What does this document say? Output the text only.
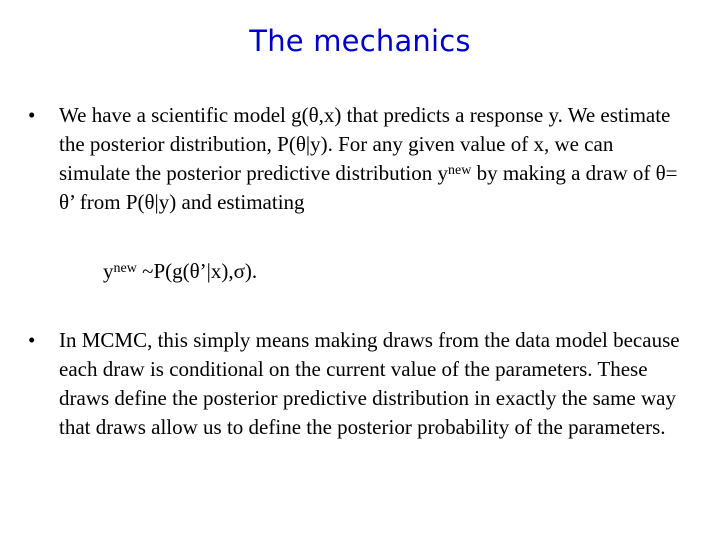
The mechanics
•	We have a scientific model g(θ,x) that predicts a response y. We estimate the posterior distribution, P(θ|y). For any given value of x, we can simulate the posterior predictive distribution $y^{new}$ by making a draw of θ= θ’ from P(θ|y) and estimating
$y^{new}$ ~P(g(θ’|x),σ).
•	In MCMC, this simply means making draws from the data model because each draw is conditional on the current value of the parameters. These draws define the posterior predictive distribution in exactly the same way that draws allow us to define the posterior probability of the parameters.
